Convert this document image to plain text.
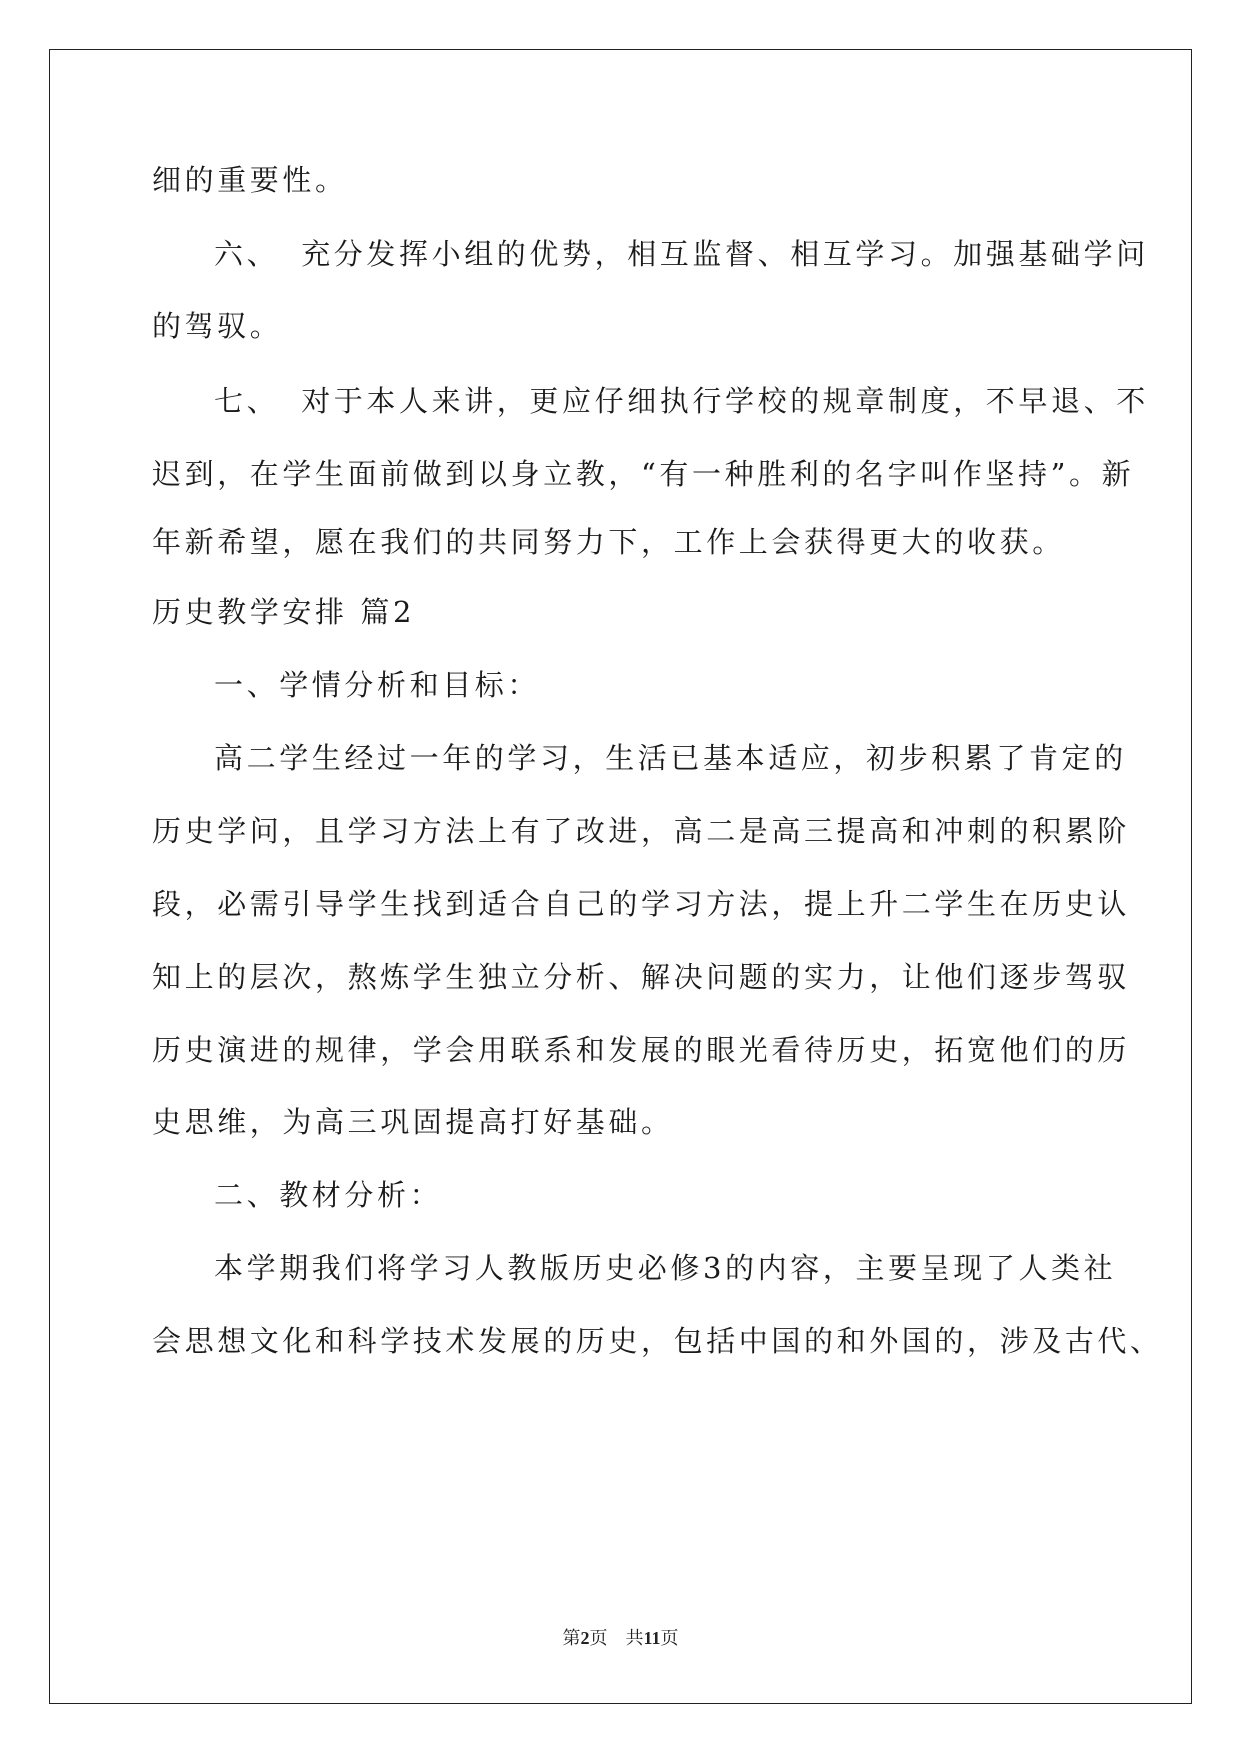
细的重要性。
六、 充分发挥小组的优势，相互监督、相互学习。加强基础学问
的驾驭。
七、 对于本人来讲，更应仔细执行学校的规章制度，不早退、不
迟到，在学生面前做到以身立教，“有一种胜利的名字叫作坚持”。新
年新希望，愿在我们的共同努力下，工作上会获得更大的收获。
历史教学安排 篇2
一、学情分析和目标：
高二学生经过一年的学习，生活已基本适应，初步积累了肯定的
历史学问，且学习方法上有了改进，高二是高三提高和冲刺的积累阶
段，必需引导学生找到适合自己的学习方法，提上升二学生在历史认
知上的层次，熬炼学生独立分析、解决问题的实力，让他们逐步驾驭
历史演进的规律，学会用联系和发展的眼光看待历史，拓宽他们的历
史思维，为高三巩固提高打好基础。
二、教材分析：
本学期我们将学习人教版历史必修3的内容，主要呈现了人类社
会思想文化和科学技术发展的历史，包括中国的和外国的，涉及古代、
第2页 共11页
